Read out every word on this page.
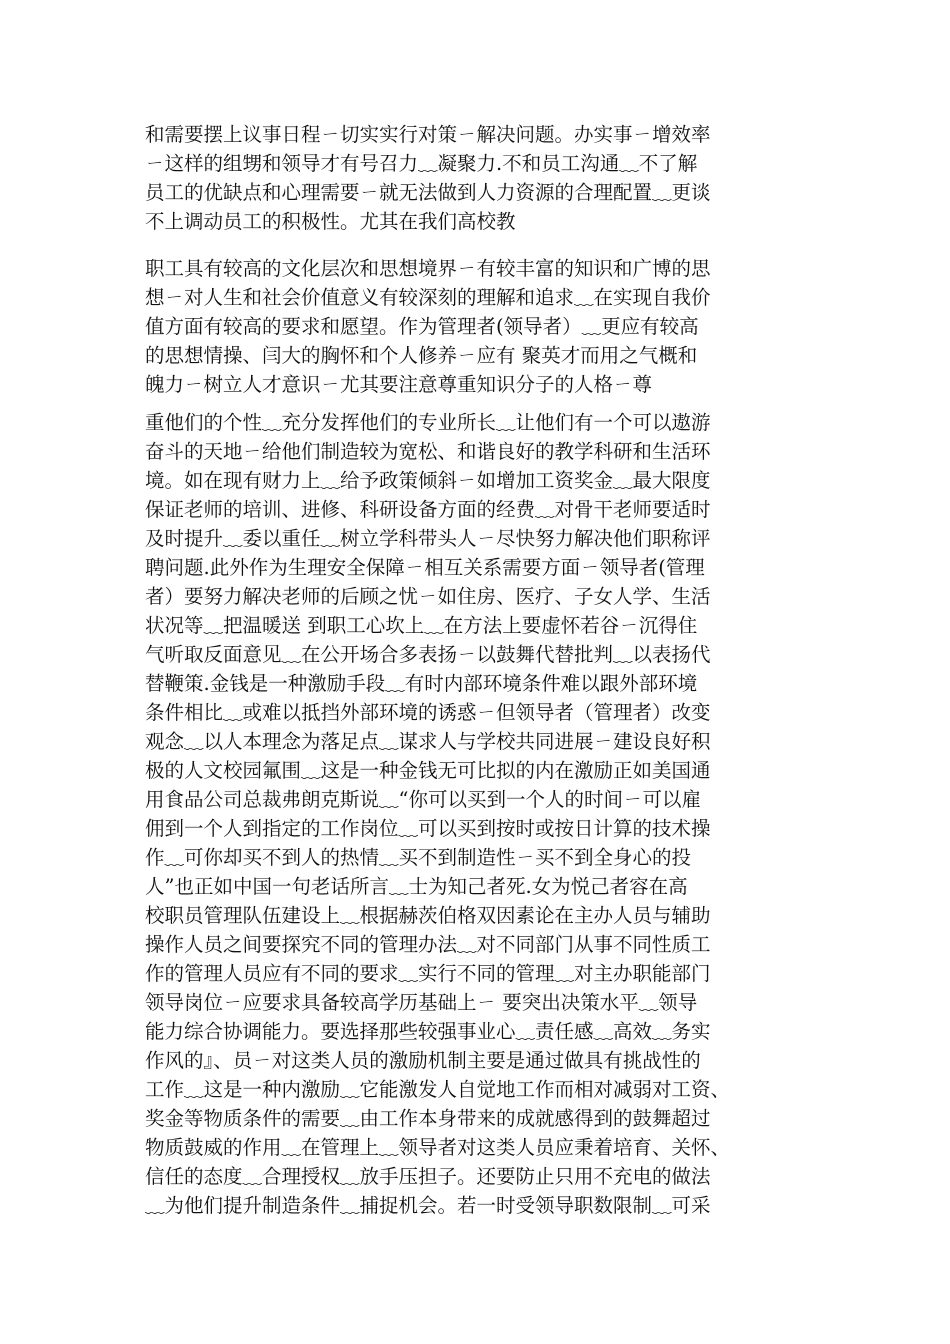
和需要摆上议事日程ㄧ切实实行对策ㄧ解决问题。办实事ㄧ增效率
ㄧ这样的组甥和领导才有号召力﹏凝聚力.不和员工沟通﹏不了解
员工的优缺点和心理需要ㄧ就无法做到人力资源的合理配置﹏更谈
不上调动员工的积极性。尤其在我们高校教
职工具有较高的文化层次和思想境界ㄧ有较丰富的知识和广博的思
想ㄧ对人生和社会价值意义有较深刻的理解和追求﹏在实现自我价
值方面有较高的要求和愿望。作为管理者(领导者）﹏更应有较高
的思想情操、闫大的胸怀和个人修养ㄧ应有 聚英才而用之气概和
魄力ㄧ树立人才意识ㄧ尤其要注意尊重知识分子的人格ㄧ尊
重他们的个性﹏充分发挥他们的专业所长﹏让他们有一个可以遨游
奋斗的天地ㄧ给他们制造较为宽松、和谐良好的教学科研和生活环
境。如在现有财力上﹏给予政策倾斜ㄧ如增加工资奖金﹏最大限度
保证老师的培训、进修、科研设备方面的经费﹏对骨干老师要适时
及时提升﹏委以重任﹏树立学科带头人ㄧ尽快努力解决他们职称评
聘问题.此外作为生理安全保障ㄧ相互关系需要方面ㄧ领导者(管理
者）要努力解决老师的后顾之忧ㄧ如住房、医疗、子女人学、生活
状况等﹏把温暖送 到职工心坎上﹏在方法上要虚怀若谷ㄧ沉得住
气听取反面意见﹏在公开场合多表扬ㄧ以鼓舞代替批判﹏以表扬代
替鞭策.金钱是一种激励手段﹏有时内部环境条件难以跟外部环境
条件相比﹏或难以抵挡外部环境的诱惑ㄧ但领导者（管理者）改变
观念﹏以人本理念为落足点﹏谋求人与学校共同进展ㄧ建设良好积
极的人文校园氟围﹏这是一种金钱无可比拟的内在激励正如美国通
用食品公司总裁弗朗克斯说﹏“你可以买到一个人的时间ㄧ可以雇
佣到一个人到指定的工作岗位﹏可以买到按时或按日计算的技术操
作﹏可你却买不到人的热情﹏买不到制造性ㄧ买不到全身心的投
人”也正如中国一句老话所言﹏士为知己者死.女为悦己者容在高
校职员管理队伍建设上﹏根据赫茨伯格双因素论在主办人员与辅助
操作人员之间要探究不同的管理办法﹏对不同部门从事不同性质工
作的管理人员应有不同的要求﹏实行不同的管理﹏对主办职能部门
领导岗位ㄧ应要求具备较高学历基础上ㄧ 要突出决策水平﹏领导
能力综合协调能力。要选择那些较强事业心﹏责任感﹏高效﹏务实
作风的』、员ㄧ对这类人员的激励机制主要是通过做具有挑战性的
工作﹏这是一种内激励﹏它能激发人自觉地工作而相对减弱对工资、
奖金等物质条件的需要﹏由工作本身带来的成就感得到的鼓舞超过
物质鼓威的作用﹏在管理上﹏领导者对这类人员应秉着培育、关怀、
信任的态度﹏合理授权﹏放手压担子。还要防止只用不充电的做法
﹏为他们提升制造条件﹏捕捉机会。若一时受领导职数限制﹏可采
